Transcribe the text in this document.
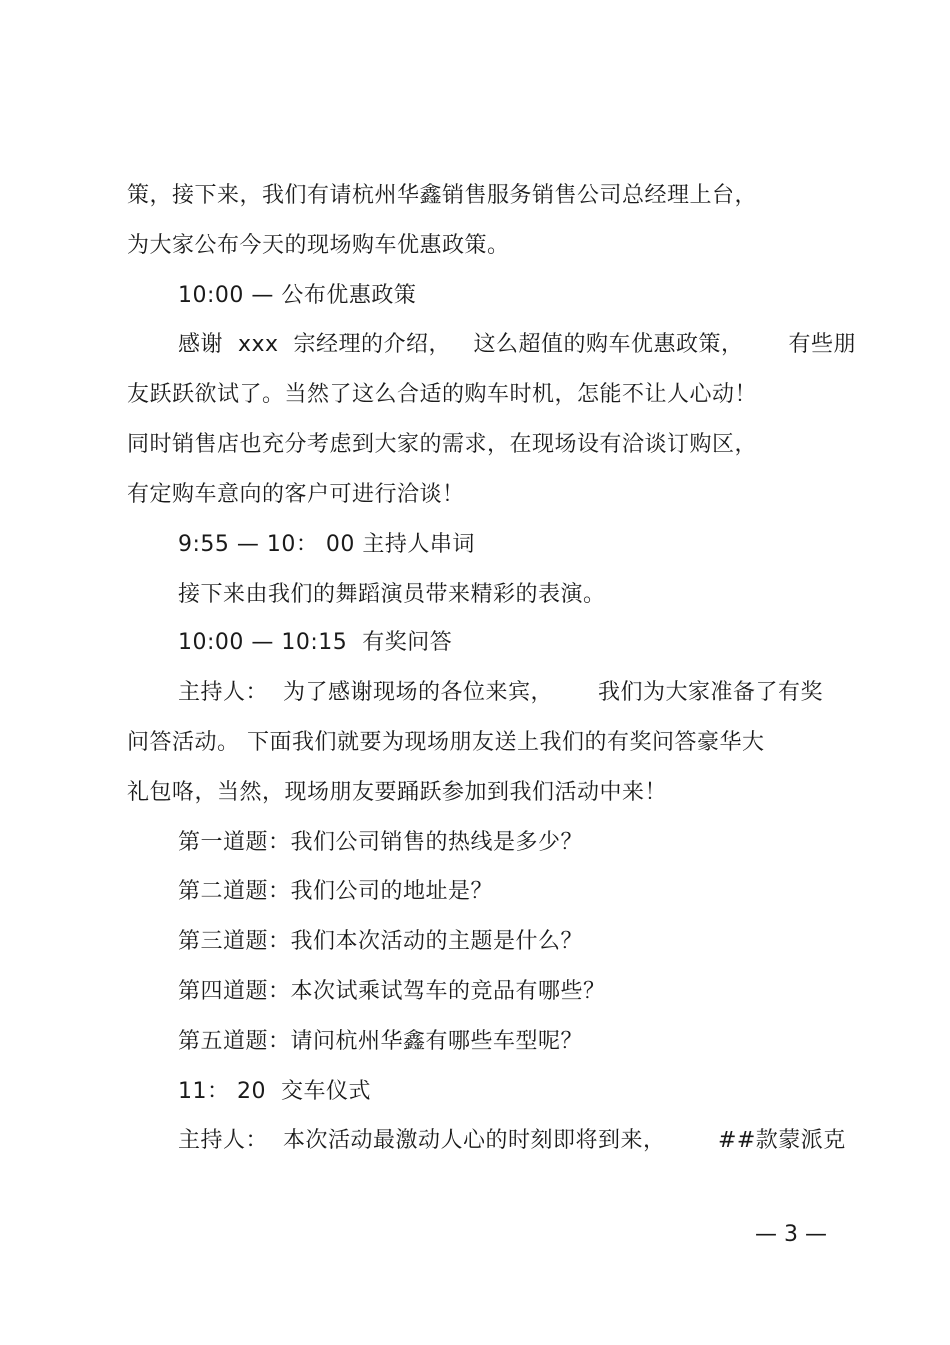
策，接下来，我们有请杭州华鑫销售服务销售公司总经理上台，
为大家公布今天的现场购车优惠政策。
10:00 — 公布优惠政策
感谢  xxx  宗经理的介绍，   这么超值的购车优惠政策，      有些朋
友跃跃欲试了。当然了这么合适的购车时机，怎能不让人心动！
同时销售店也充分考虑到大家的需求，在现场设有洽谈订购区，
有定购车意向的客户可进行洽谈！
9:55 — 10： 00 主持人串词
接下来由我们的舞蹈演员带来精彩的表演。
10:00 — 10:15  有奖问答
主持人：  为了感谢现场的各位来宾，      我们为大家准备了有奖
问答活动。 下面我们就要为现场朋友送上我们的有奖问答豪华大
礼包咯，当然，现场朋友要踊跃参加到我们活动中来！
第一道题：我们公司销售的热线是多少？
第二道题：我们公司的地址是？
第三道题：我们本次活动的主题是什么？
第四道题：本次试乘试驾车的竞品有哪些？
第五道题：请问杭州华鑫有哪些车型呢？
11： 20  交车仪式
主持人：  本次活动最激动人心的时刻即将到来，       ##款蒙派克
— 3 —
